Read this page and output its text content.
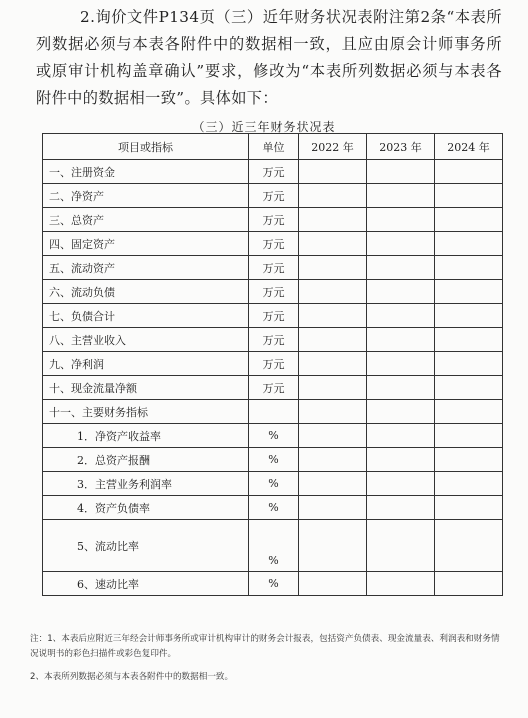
2.询价文件P134页（三）近年财务状况表附注第2条“本表所列数据必须与本表各附件中的数据相一致，且应由原会计师事务所或原审计机构盖章确认”要求，修改为“本表所列数据必须与本表各附件中的数据相一致”。具体如下：
（三）近三年财务状况表
项目或指标	单位	2022 年	2023 年	2024 年
一、注册资金	万元			
二、净资产	万元			
三、总资产	万元			
四、固定资产	万元			
五、流动资产	万元			
六、流动负债	万元			
七、负债合计	万元			
八、主营业收入	万元			
九、净利润	万元			
十、现金流量净额	万元			
十一、主要财务指标				
1．净资产收益率	%			
2．总资产报酬	%			
3．主营业务利润率	%			
4．资产负债率	%			
5、流动比率	%			
6、速动比率	%			
注：1、本表后应附近三年经会计师事务所或审计机构审计的财务会计报表，包括资产负债表、现金流量表、利润表和财务情况说明书的彩色扫描件或彩色复印件。
2、本表所列数据必须与本表各附件中的数据相一致。
